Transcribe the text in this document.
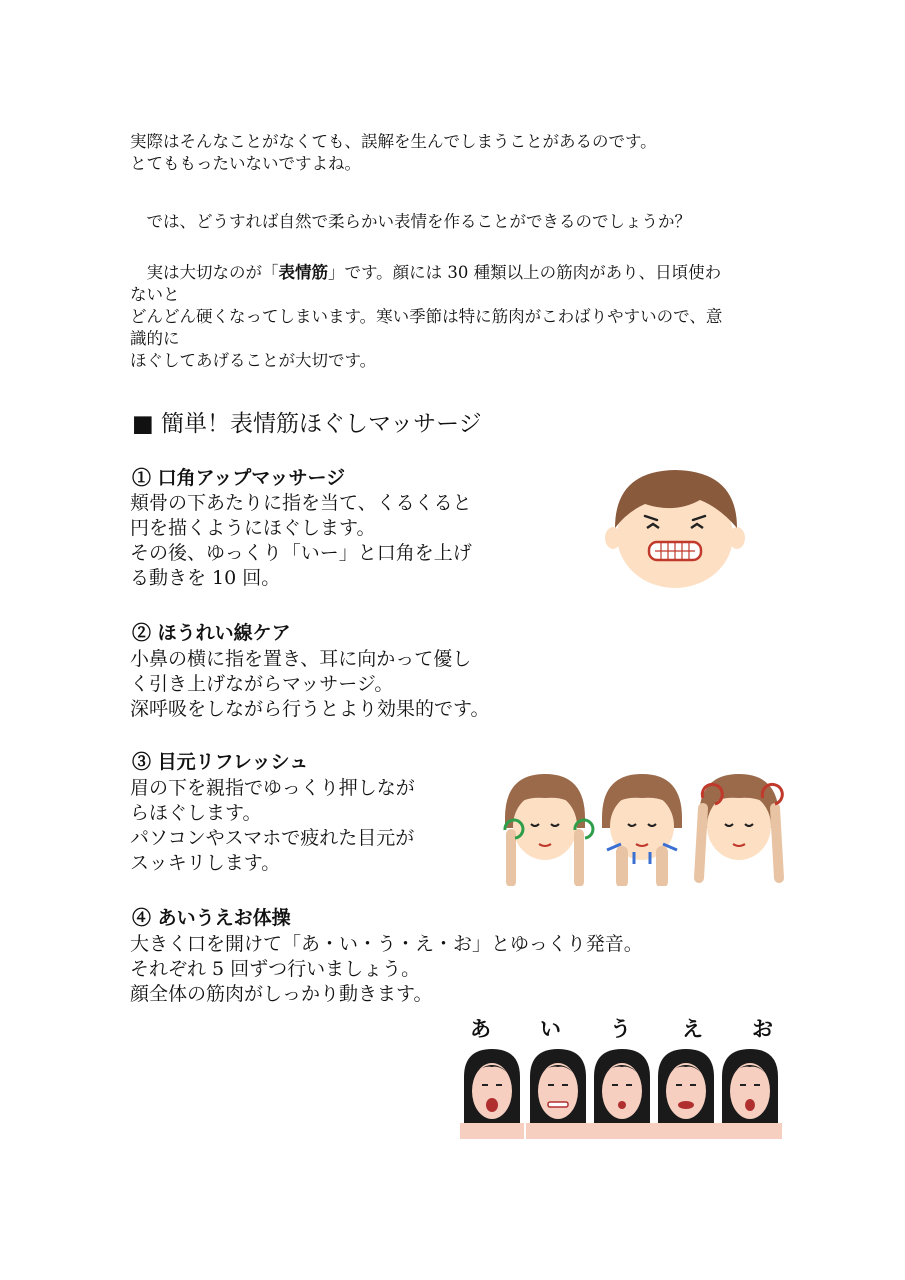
実際はそんなことがなくても、誤解を生んでしまうことがあるのです。
とてももったいないですよね。
　では、どうすれば自然で柔らかい表情を作ることができるのでしょうか？
　実は大切なのが「表情筋」です。顔には 30 種類以上の筋肉があり、日頃使わ
ないと
どんどん硬くなってしまいます。寒い季節は特に筋肉がこわばりやすいので、意
識的に
ほぐしてあげることが大切です。
■ 簡単！表情筋ほぐしマッサージ
① 口角アップマッサージ
頬骨の下あたりに指を当て、くるくると
円を描くようにほぐします。
その後、ゆっくり「いー」と口角を上げ
る動きを 10 回。
② ほうれい線ケア
小鼻の横に指を置き、耳に向かって優し
く引き上げながらマッサージ。
深呼吸をしながら行うとより効果的です。
③ 目元リフレッシュ
眉の下を親指でゆっくり押しなが
らほぐします。
パソコンやスマホで疲れた目元が
スッキリします。
④ あいうえお体操
大きく口を開けて「あ・い・う・え・お」とゆっくり発音。
それぞれ 5 回ずつ行いましょう。
顔全体の筋肉がしっかり動きます。
あ い う え お
